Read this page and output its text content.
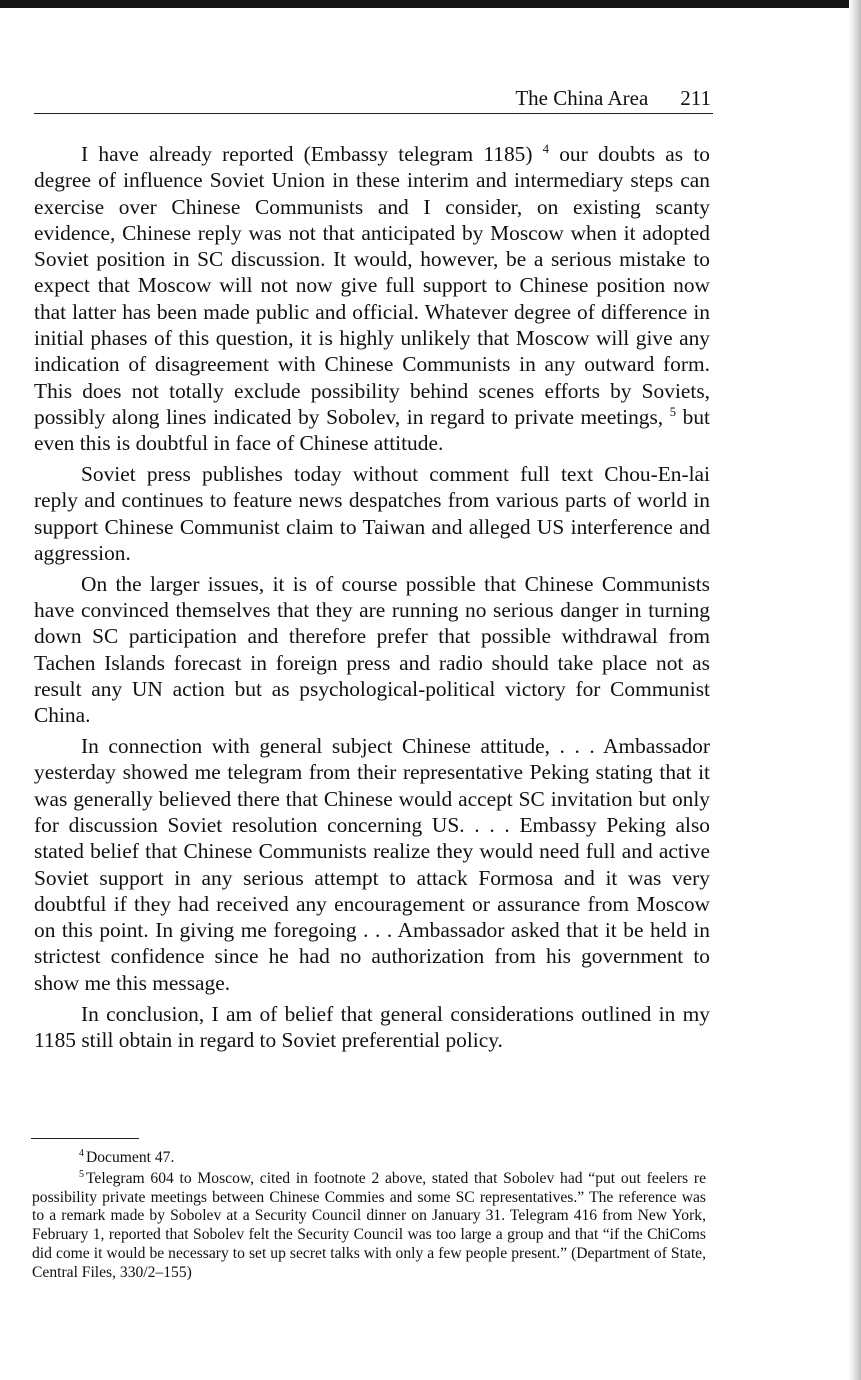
The China Area 211

I have already reported (Embassy telegram 1185) $^4$ our doubts as to degree of influence Soviet Union in these interim and intermediary steps can exercise over Chinese Communists and I consider, on existing scanty evidence, Chinese reply was not that anticipated by Moscow when it adopted Soviet position in SC discussion. It would, however, be a serious mistake to expect that Moscow will not now give full support to Chinese position now that latter has been made public and official. Whatever degree of difference in initial phases of this question, it is highly unlikely that Moscow will give any indication of disagreement with Chinese Communists in any outward form. This does not totally exclude possibility behind scenes efforts by Soviets, possibly along lines indicated by Sobolev, in regard to private meetings, $^5$ but even this is doubtful in face of Chinese attitude.

Soviet press publishes today without comment full text Chou-En-lai reply and continues to feature news despatches from various parts of world in support Chinese Communist claim to Taiwan and alleged US interference and aggression.

On the larger issues, it is of course possible that Chinese Communists have convinced themselves that they are running no serious danger in turning down SC participation and therefore prefer that possible withdrawal from Tachen Islands forecast in foreign press and radio should take place not as result any UN action but as psychological-political victory for Communist China.

In connection with general subject Chinese attitude, . . . Ambassador yesterday showed me telegram from their representative Peking stating that it was generally believed there that Chinese would accept SC invitation but only for discussion Soviet resolution concerning US. . . . Embassy Peking also stated belief that Chinese Communists realize they would need full and active Soviet support in any serious attempt to attack Formosa and it was very doubtful if they had received any encouragement or assurance from Moscow on this point. In giving me foregoing . . . Ambassador asked that it be held in strictest confidence since he had no authorization from his government to show me this message.

In conclusion, I am of belief that general considerations outlined in my 1185 still obtain in regard to Soviet preferential policy.

$^4$ Document 47.

$^5$ Telegram 604 to Moscow, cited in footnote 2 above, stated that Sobolev had “put out feelers re possibility private meetings between Chinese Commies and some SC representatives.” The reference was to a remark made by Sobolev at a Security Council dinner on January 31. Telegram 416 from New York, February 1, reported that Sobolev felt the Security Council was too large a group and that “if the ChiComs did come it would be necessary to set up secret talks with only a few people present.” (Department of State, Central Files, 330/2–155)
